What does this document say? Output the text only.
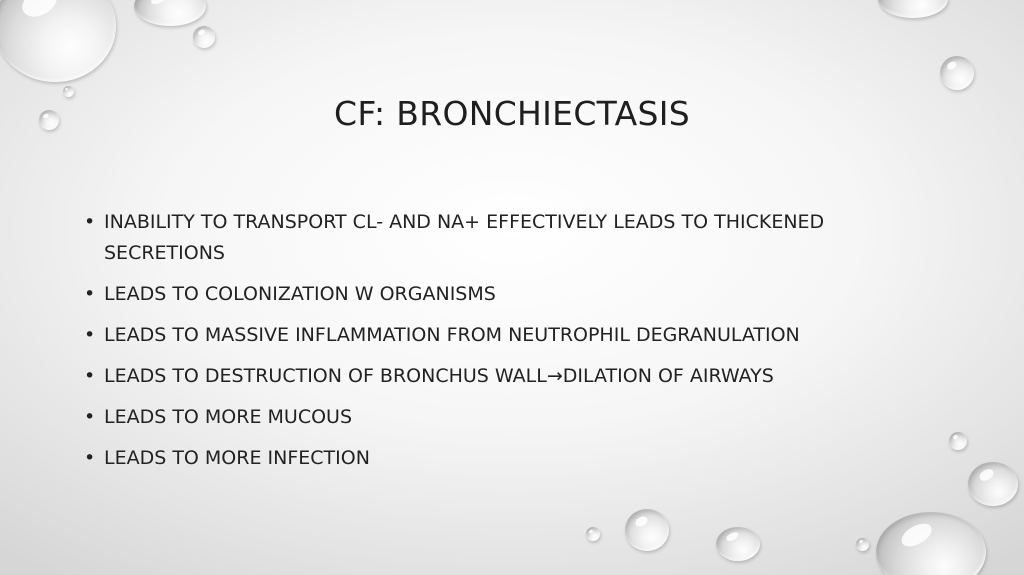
CF: BRONCHIECTASIS
• INABILITY TO TRANSPORT CL- AND NA+ EFFECTIVELY LEADS TO THICKENED SECRETIONS
• LEADS TO COLONIZATION W ORGANISMS
• LEADS TO MASSIVE INFLAMMATION FROM NEUTROPHIL DEGRANULATION
• LEADS TO DESTRUCTION OF BRONCHUS WALL→DILATION OF AIRWAYS
• LEADS TO MORE MUCOUS
• LEADS TO MORE INFECTION
